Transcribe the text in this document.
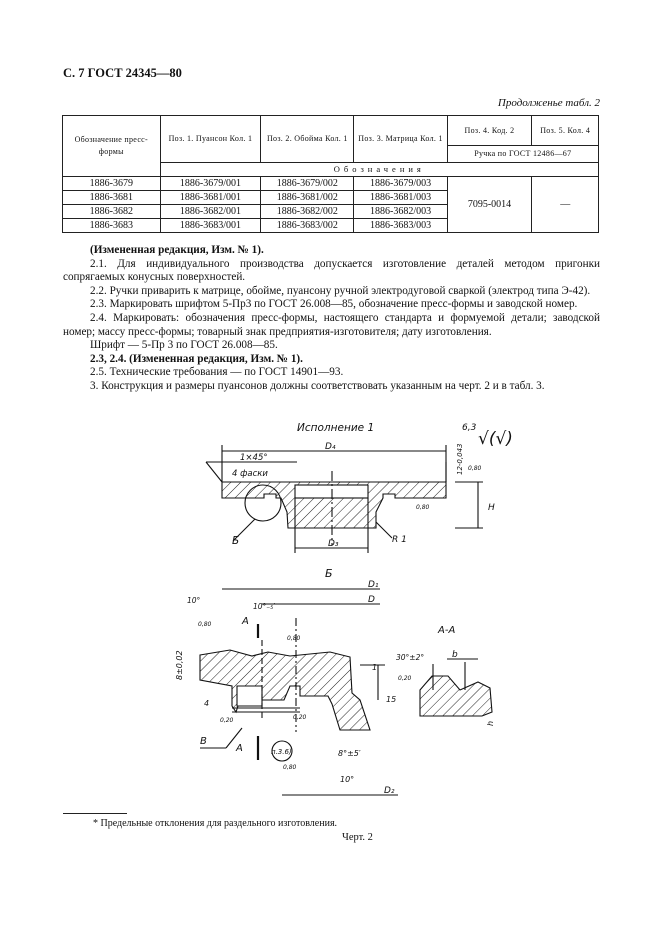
С. 7 ГОСТ 24345—80
Продолженье табл. 2
Обозначение пресс-формы	Поз. 1. Пуансон Кол. 1	Поз. 2. Обойма Кол. 1	Поз. 3. Матрица Кол. 1	Поз. 4. Код. 2	Поз. 5. Кол. 4
				Ручка по ГОСТ 12486—67	
	Обозначения				
1886-3679	1886-3679/001	1886-3679/002	1886-3679/003	7095-0014	—
1886-3681	1886-3681/001	1886-3681/002	1886-3681/003		
1886-3682	1886-3682/001	1886-3682/002	1886-3682/003		
1886-3683	1886-3683/001	1886-3683/002	1886-3683/003		

(Измененная редакция, Изм. № 1).

2.1. Для индивидуального производства допускается изготовление деталей методом пригонки сопрягаемых конусных поверхностей.

2.2. Ручки приварить к матрице, обойме, пуансону ручной электродуговой сваркой (электрод типа Э-42).

2.3. Маркировать шрифтом 5-Пр3 по ГОСТ 26.008—85, обозначение пресс-формы и заводской номер.

2.4. Маркировать: обозначения пресс-формы, настоящего стандарта и формуемой детали; заводской номер; массу пресс-формы; товарный знак предприятия-изготовителя; дату изготовления.

Шрифт — 5-Пр 3 по ГОСТ 26.008—85.

2.3, 2.4. (Измененная редакция, Изм. № 1).

2.5. Технические требования — по ГОСТ 14901—93.

3. Конструкция и размеры пуансонов должны соответствовать указанным на черт. 2 и в табл. 3.

Исполнение 1	6,3
√(√)
D₄
1×45°
4 фаски
Б	D₃	R 1
12-0,043
H
0,80
0,80
Б
D₁
D
10°
10°₋₅′
А
А
8±0,02
4
0,80
0,20	0,20
0,80
В
п.3.6)
0,80
8°±5′
10°
D₂
1
15
А-А
30°±2°	b
0,20
h
* Предельные отклонения для раздельного изготовления.
Черт. 2
